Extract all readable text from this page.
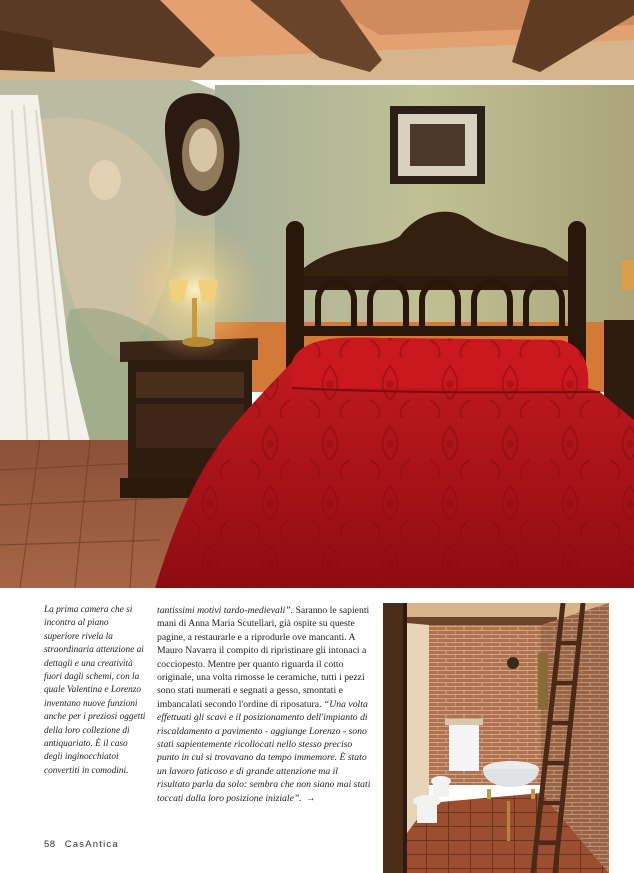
La prima camera che si incontra al piano superiore rivela la straordinaria attenzione ai dettagli e una creatività fuori dagli schemi, con la quale Valentina e Lorenzo inventano nuove funzioni anche per i preziosi oggetti della loro collezione di antiquariato. È il caso degli inginocchiatoi convertiti in comodini.
tantissimi motivi tardo-medievali”. Saranno le sapienti mani di Anna Maria Scutellari, già ospite su queste pagine, a restaurarle e a riprodurle ove mancanti. A Mauro Navarra il compito di ripristinare gli intonaci a cocciopesto. Mentre per quanto riguarda il cotto originale, una volta rimosse le ceramiche, tutti i pezzi sono stati numerati e segnati a gesso, smontati e imbancalati secondo l'ordine di riposatura. “Una volta effettuati gli scavi e il posizionamento dell'impianto di riscaldamento a pavimento - aggiunge Lorenzo - sono stati sapientemente ricollocati nello stesso preciso punto in cui si trovavano da tempo immemore. È stato un lavoro faticoso e di grande attenzione ma il risultato parla da solo: sembra che non siano mai stati toccati dalla loro posizione iniziale”. →
58 CasAntica
